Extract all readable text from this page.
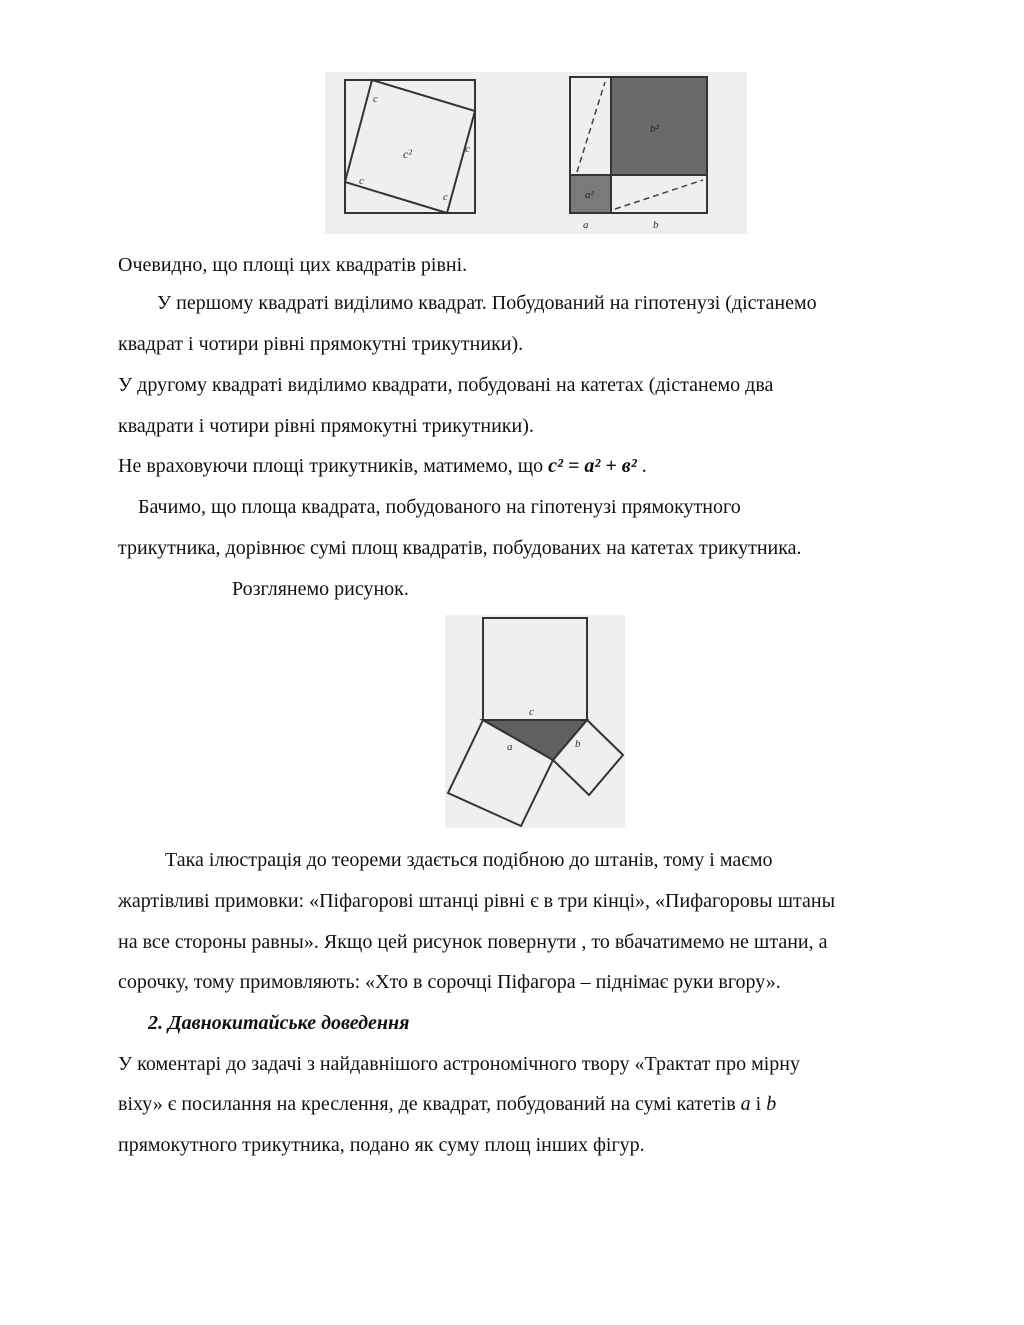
c
c
c
c
c²
b²
a²
a	b
Очевидно, що площі цих квадратів рівні.
У першому квадраті виділимо квадрат. Побудований на гіпотенузі (дістанемо
квадрат і чотири рівні прямокутні трикутники).
У другому квадраті виділимо квадрати, побудовані на катетах (дістанемо два
квадрати і чотири рівні прямокутні трикутники).
Не враховуючи площі трикутників, матимемо, що c² = a² + в² .
Бачимо, що площа квадрата, побудованого на гіпотенузі прямокутного
трикутника, дорівнює сумі площ квадратів, побудованих на катетах трикутника.
Розглянемо рисунок.
c
a	b
Така ілюстрація до теореми здається подібною до штанів, тому і маємо
жартівливі примовки: «Піфагорові штанці рівні є в три кінці», «Пифагоровы штаны
на все стороны равны». Якщо цей рисунок повернути , то вбачатимемо не штани, а
сорочку, тому примовляють: «Хто в сорочці Піфагора – піднімає руки вгору».
2. Давнокитайське доведення
У коментарі до задачі з найдавнішого астрономічного твору «Трактат про мірну
віху» є посилання на креслення, де квадрат, побудований на сумі катетів a і b
прямокутного трикутника, подано як суму площ інших фігур.
